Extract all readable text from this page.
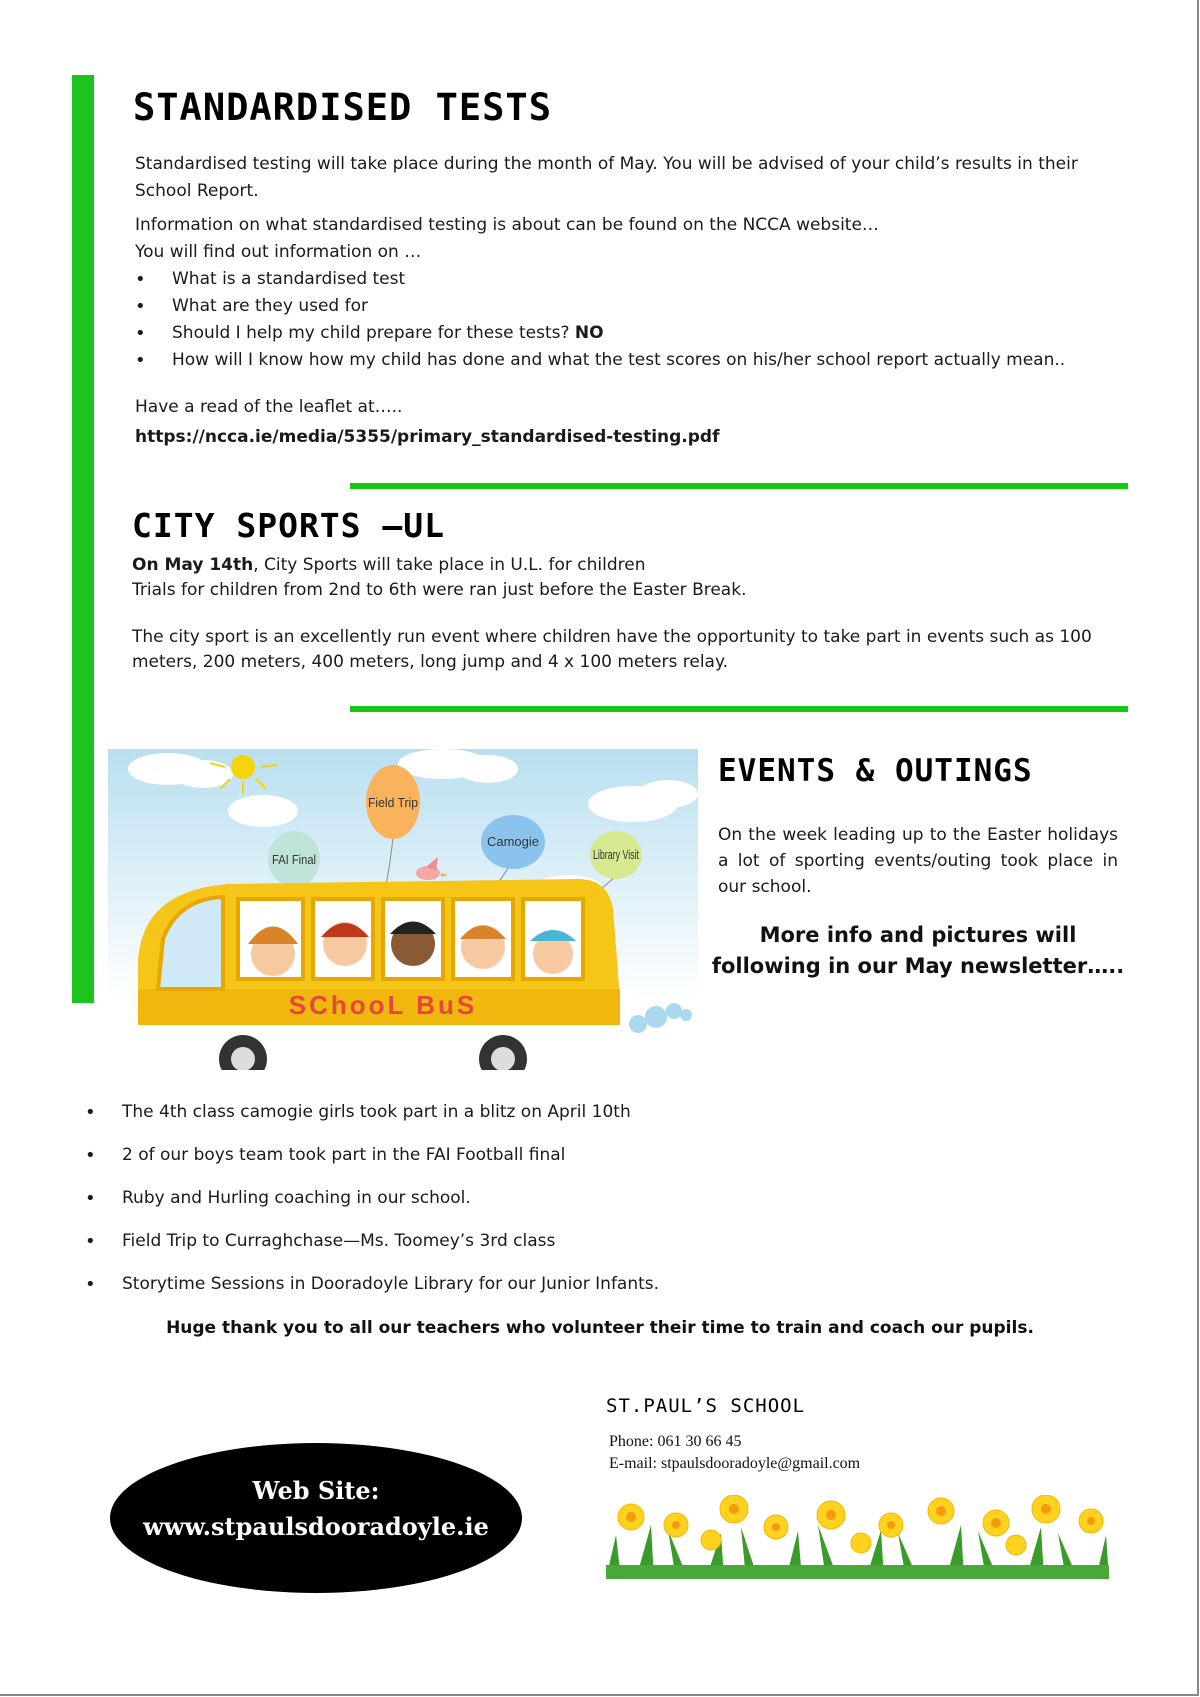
STANDARDISED TESTS

Standardised testing will take place during the month of May. You will be advised of your child’s results in their School Report.

Information on what standardised testing is about can be found on the NCCA website…

You will find out information on …

• What is a standardised test
• What are they used for
• Should I help my child prepare for these tests? NO
• How will I know how my child has done and what the test scores on his/her school report actually mean..

Have a read of the leaflet at…..

https://ncca.ie/media/5355/primary_standardised-testing.pdf

CITY SPORTS –UL

On May 14th, City Sports will take place in U.L. for children

Trials for children from 2nd to 6th were ran just before the Easter Break.

The city sport is an excellently run event where children have the opportunity to take part in events such as 100 meters, 200 meters, 400 meters, long jump and 4 x 100 meters relay.

FAI Final
Field Trip
Camogie
Library Visit
SChooL BuS
EVENTS & OUTINGS

On the week leading up to the Easter holidays a lot of sporting events/outing took place in our school.

More info and pictures will following in our May newsletter…..

• The 4th class camogie girls took part in a blitz on April 10th
• 2 of our boys team took part in the FAI Football final
• Ruby and Hurling coaching in our school.
• Field Trip to Curraghchase—Ms. Toomey’s 3rd class
• Storytime Sessions in Dooradoyle Library for our Junior Infants.

Huge thank you to all our teachers who volunteer their time to train and coach our pupils.

Web Site:
www.stpaulsdooradoyle.ie
ST.PAUL’S SCHOOL
Phone: 061 30 66 45
E-mail: stpaulsdooradoyle@gmail.com
